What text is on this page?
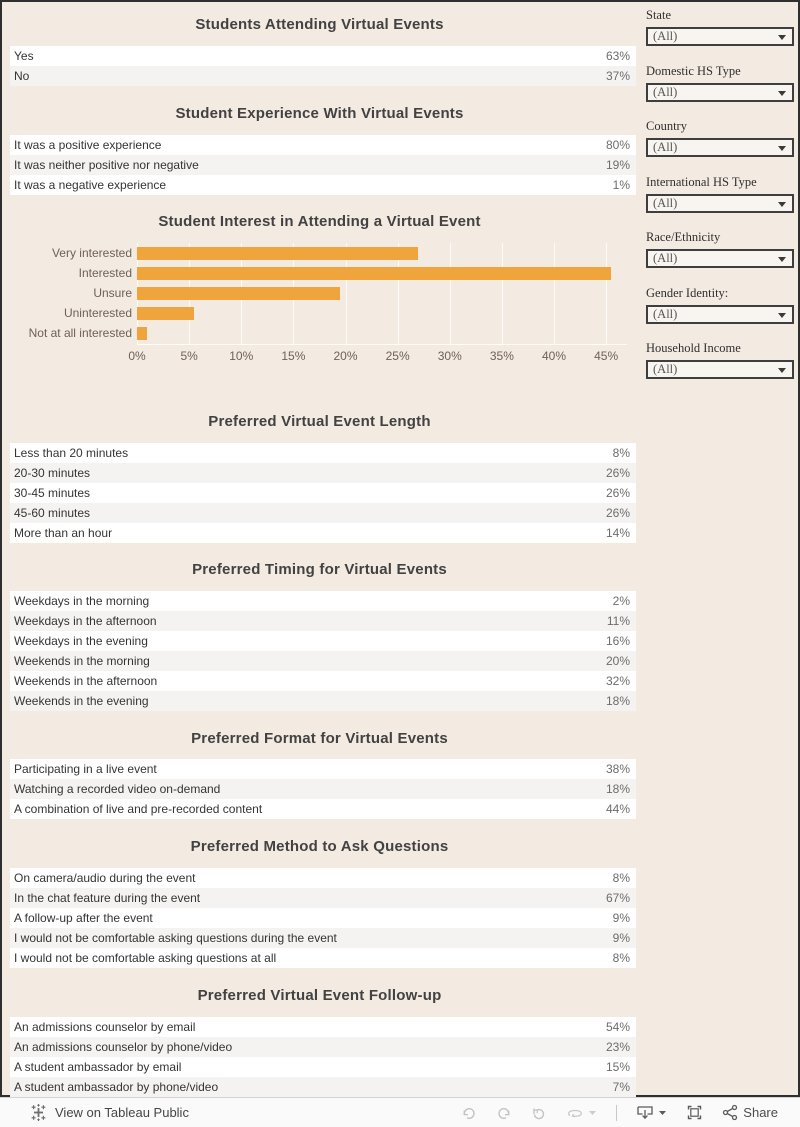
Students Attending Virtual Events
Yes	63%
No	37%
Student Experience With Virtual Events
It was a positive experience	80%
It was neither positive nor negative	19%
It was a negative experience	1%
Student Interest in Attending a Virtual Event
Very interested
Interested
Unsure
Uninterested
Not at all interested
0%	5%	10% 15% 20% 25% 30% 35% 40% 45%
Preferred Virtual Event Length
Less than 20 minutes	8%
20-30 minutes	26%
30-45 minutes	26%
45-60 minutes	26%
More than an hour	14%
Preferred Timing for Virtual Events
Weekdays in the morning	2%
Weekdays in the afternoon	11%
Weekdays in the evening	16%
Weekends in the morning	20%
Weekends in the afternoon	32%
Weekends in the evening	18%
Preferred Format for Virtual Events
Participating in a live event	38%
Watching a recorded video on-demand	18%
A combination of live and pre-recorded content	44%
Preferred Method to Ask Questions
On camera/audio during the event	8%
In the chat feature during the event	67%
A follow-up after the event	9%
I would not be comfortable asking questions during the event	9%
I would not be comfortable asking questions at all	8%
Preferred Virtual Event Follow-up
An admissions counselor by email	54%
An admissions counselor by phone/video	23%
A student ambassador by email	15%
A student ambassador by phone/video	7%
State
(All)
Domestic HS Type
(All)
Country
(All)
International HS Type
(All)
Race/Ethnicity
(All)
Gender Identity:
(All)
Household Income
(All)
View on Tableau Public	Share
